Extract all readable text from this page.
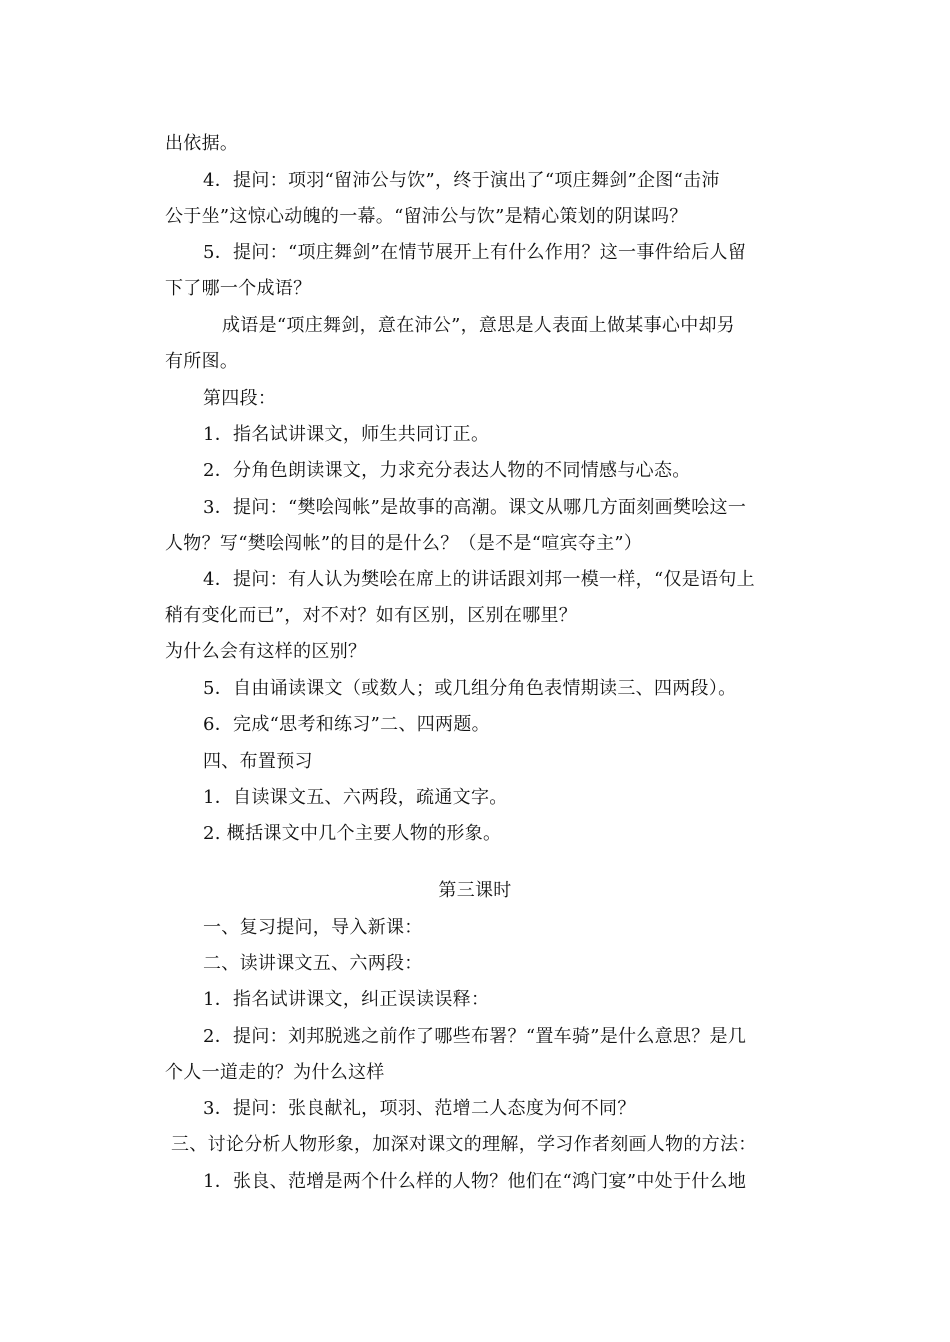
出依据。
4．提问：项羽“留沛公与饮”，终于演出了“项庄舞剑”企图“击沛
公于坐”这惊心动魄的一幕。“留沛公与饮”是精心策划的阴谋吗？
5．提问：“项庄舞剑”在情节展开上有什么作用？这一事件给后人留
下了哪一个成语？
成语是“项庄舞剑，意在沛公”，意思是人表面上做某事心中却另
有所图。
第四段：
1．指名试讲课文，师生共同订正。
2．分角色朗读课文，力求充分表达人物的不同情感与心态。
3．提问：“樊哙闯帐”是故事的高潮。课文从哪几方面刻画樊哙这一
人物？写“樊哙闯帐”的目的是什么？（是不是“喧宾夺主”）
4．提问：有人认为樊哙在席上的讲话跟刘邦一模一样，“仅是语句上
稍有变化而已”，对不对？如有区别，区别在哪里？
为什么会有这样的区别？
5．自由诵读课文（或数人；或几组分角色表情期读三、四两段）。
6．完成“思考和练习”二、四两题。
四、布置预习
1．自读课文五、六两段，疏通文字。
2. 概括课文中几个主要人物的形象。
第三课时
一、复习提问，导入新课：
二、读讲课文五、六两段：
1．指名试讲课文，纠正误读误释：
2．提问：刘邦脱逃之前作了哪些布署？“置车骑”是什么意思？是几
个人一道走的？为什么这样
3．提问：张良献礼，项羽、范增二人态度为何不同？
三、讨论分析人物形象，加深对课文的理解，学习作者刻画人物的方法：
1．张良、范增是两个什么样的人物？他们在“鸿门宴”中处于什么地
